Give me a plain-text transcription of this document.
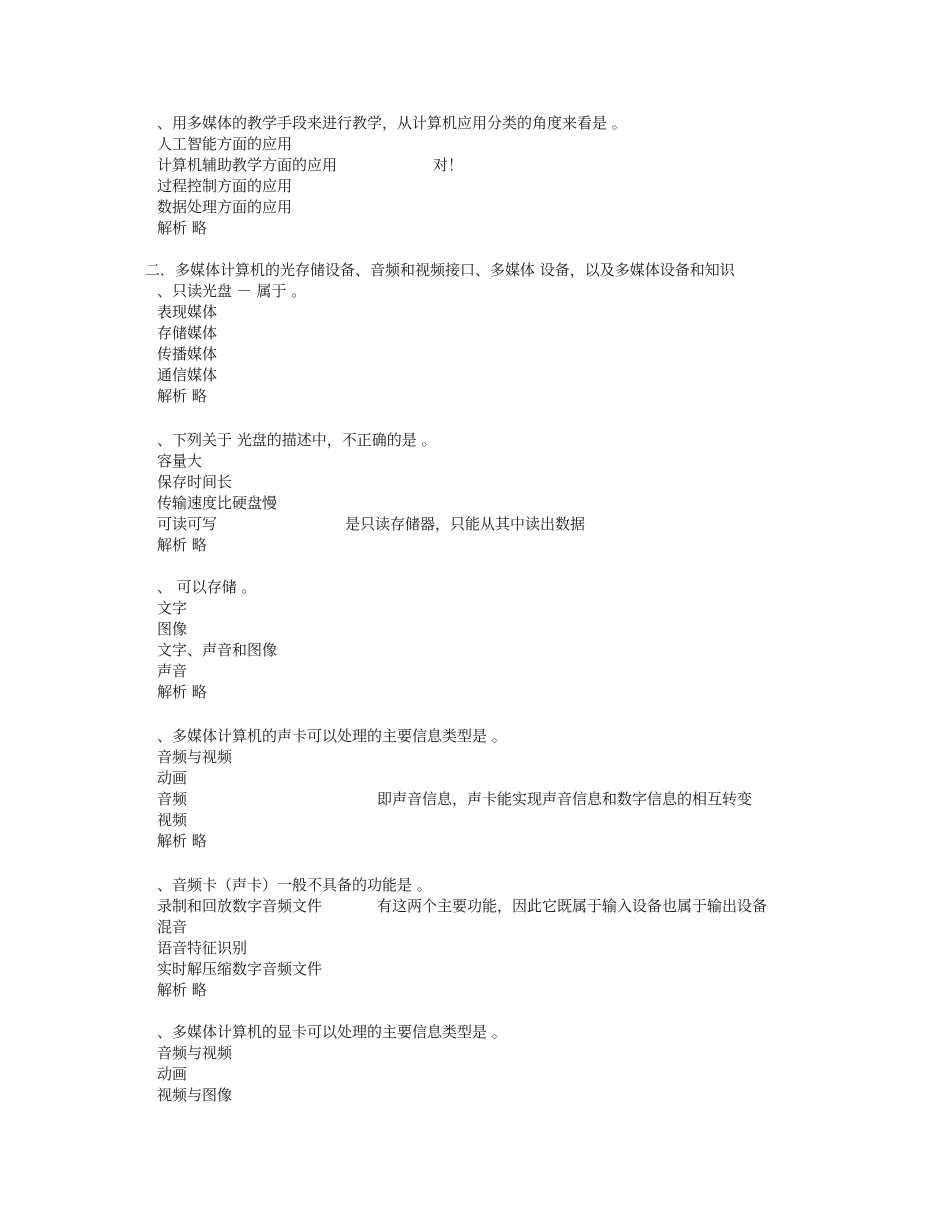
、用多媒体的教学手段来进行教学，从计算机应用分类的角度来看是 。
人工智能方面的应用
计算机辅助教学方面的应用	对！
过程控制方面的应用
数据处理方面的应用
解析 略
二．多媒体计算机的光存储设备、音频和视频接口、多媒体 设备，以及多媒体设备和知识
、只读光盘 － 属于 。
表现媒体
存储媒体
传播媒体
通信媒体
解析 略
、下列关于 光盘的描述中，不正确的是 。
容量大
保存时间长
传输速度比硬盘慢
可读可写	是只读存储器，只能从其中读出数据
解析 略
、 可以存储 。
文字
图像
文字、声音和图像
声音
解析 略
、多媒体计算机的声卡可以处理的主要信息类型是 。
音频与视频
动画
音频	即声音信息，声卡能实现声音信息和数字信息的相互转变
视频
解析 略
、音频卡（声卡）一般不具备的功能是 。
录制和回放数字音频文件	有这两个主要功能，因此它既属于输入设备也属于输出设备
混音
语音特征识别
实时解压缩数字音频文件
解析 略
、多媒体计算机的显卡可以处理的主要信息类型是 。
音频与视频
动画
视频与图像
